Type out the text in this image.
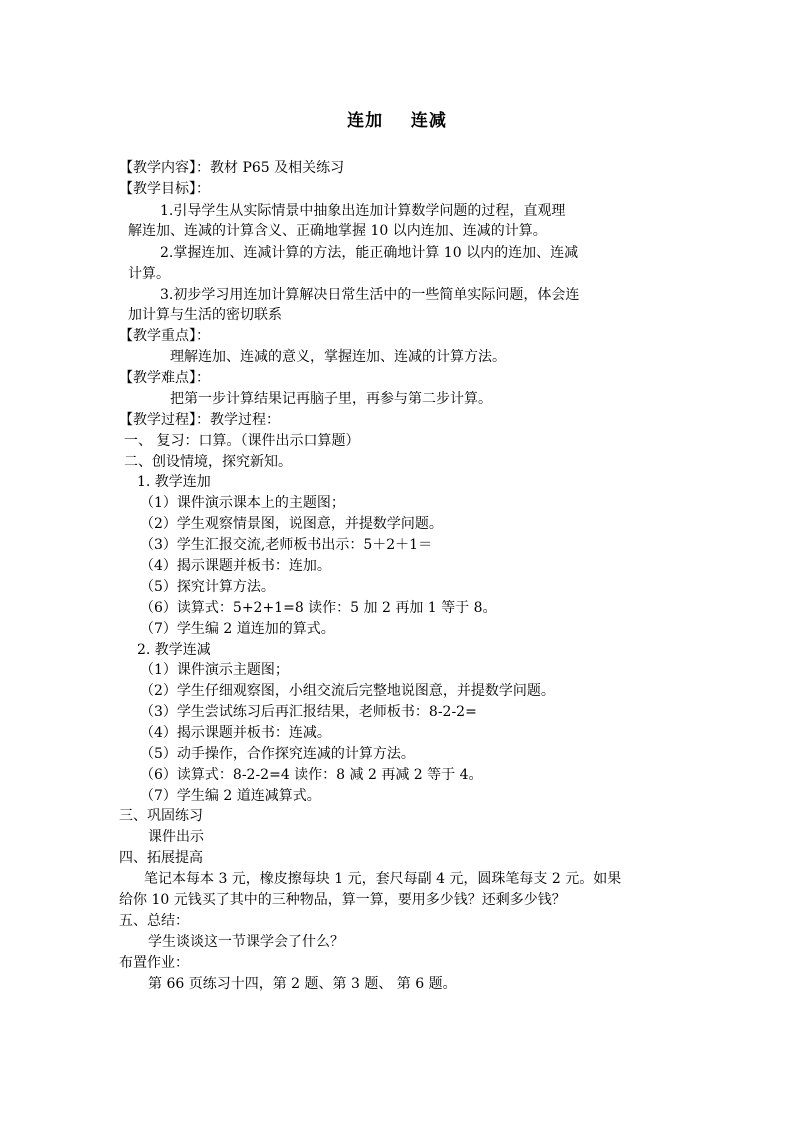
连加    连减
【教学内容】：教材 P65 及相关练习
【教学目标】：
1.引导学生从实际情景中抽象出连加计算数学问题的过程，直观理
解连加、连减的计算含义、正确地掌握 10 以内连加、连减的计算。
2.掌握连加、连减计算的方法，能正确地计算 10 以内的连加、连减
计算。
3.初步学习用连加计算解决日常生活中的一些简单实际问题，体会连
加计算与生活的密切联系
【教学重点】：
理解连加、连减的意义，掌握连加、连减的计算方法。
【教学难点】：
把第一步计算结果记再脑子里，再参与第二步计算。
【教学过程】：教学过程：
一、 复习：口算。（课件出示口算题）
二、创设情境，探究新知。
1. 教学连加
（1）课件演示课本上的主题图；
（2）学生观察情景图，说图意，并提数学问题。
（3）学生汇报交流,老师板书出示：5＋2＋1＝
（4）揭示课题并板书：连加。
（5）探究计算方法。
（6）读算式：5+2+1=8 读作：5 加 2 再加 1 等于 8。
（7）学生编 2 道连加的算式。
2. 教学连减
（1）课件演示主题图；
（2）学生仔细观察图，小组交流后完整地说图意，并提数学问题。
（3）学生尝试练习后再汇报结果，老师板书：8-2-2=
（4）揭示课题并板书：连减。
（5）动手操作，合作探究连减的计算方法。
（6）读算式：8-2-2=4 读作：8 减 2 再减 2 等于 4。
（7）学生编 2 道连减算式。
三、巩固练习
课件出示
四、拓展提高
笔记本每本 3 元，橡皮擦每块 1 元，套尺每副 4 元，圆珠笔每支 2 元。如果
给你 10 元钱买了其中的三种物品，算一算，要用多少钱？还剩多少钱？
五、总结：
学生谈谈这一节课学会了什么？
布置作业：
第 66 页练习十四，第 2 题、第 3 题、 第 6 题。
